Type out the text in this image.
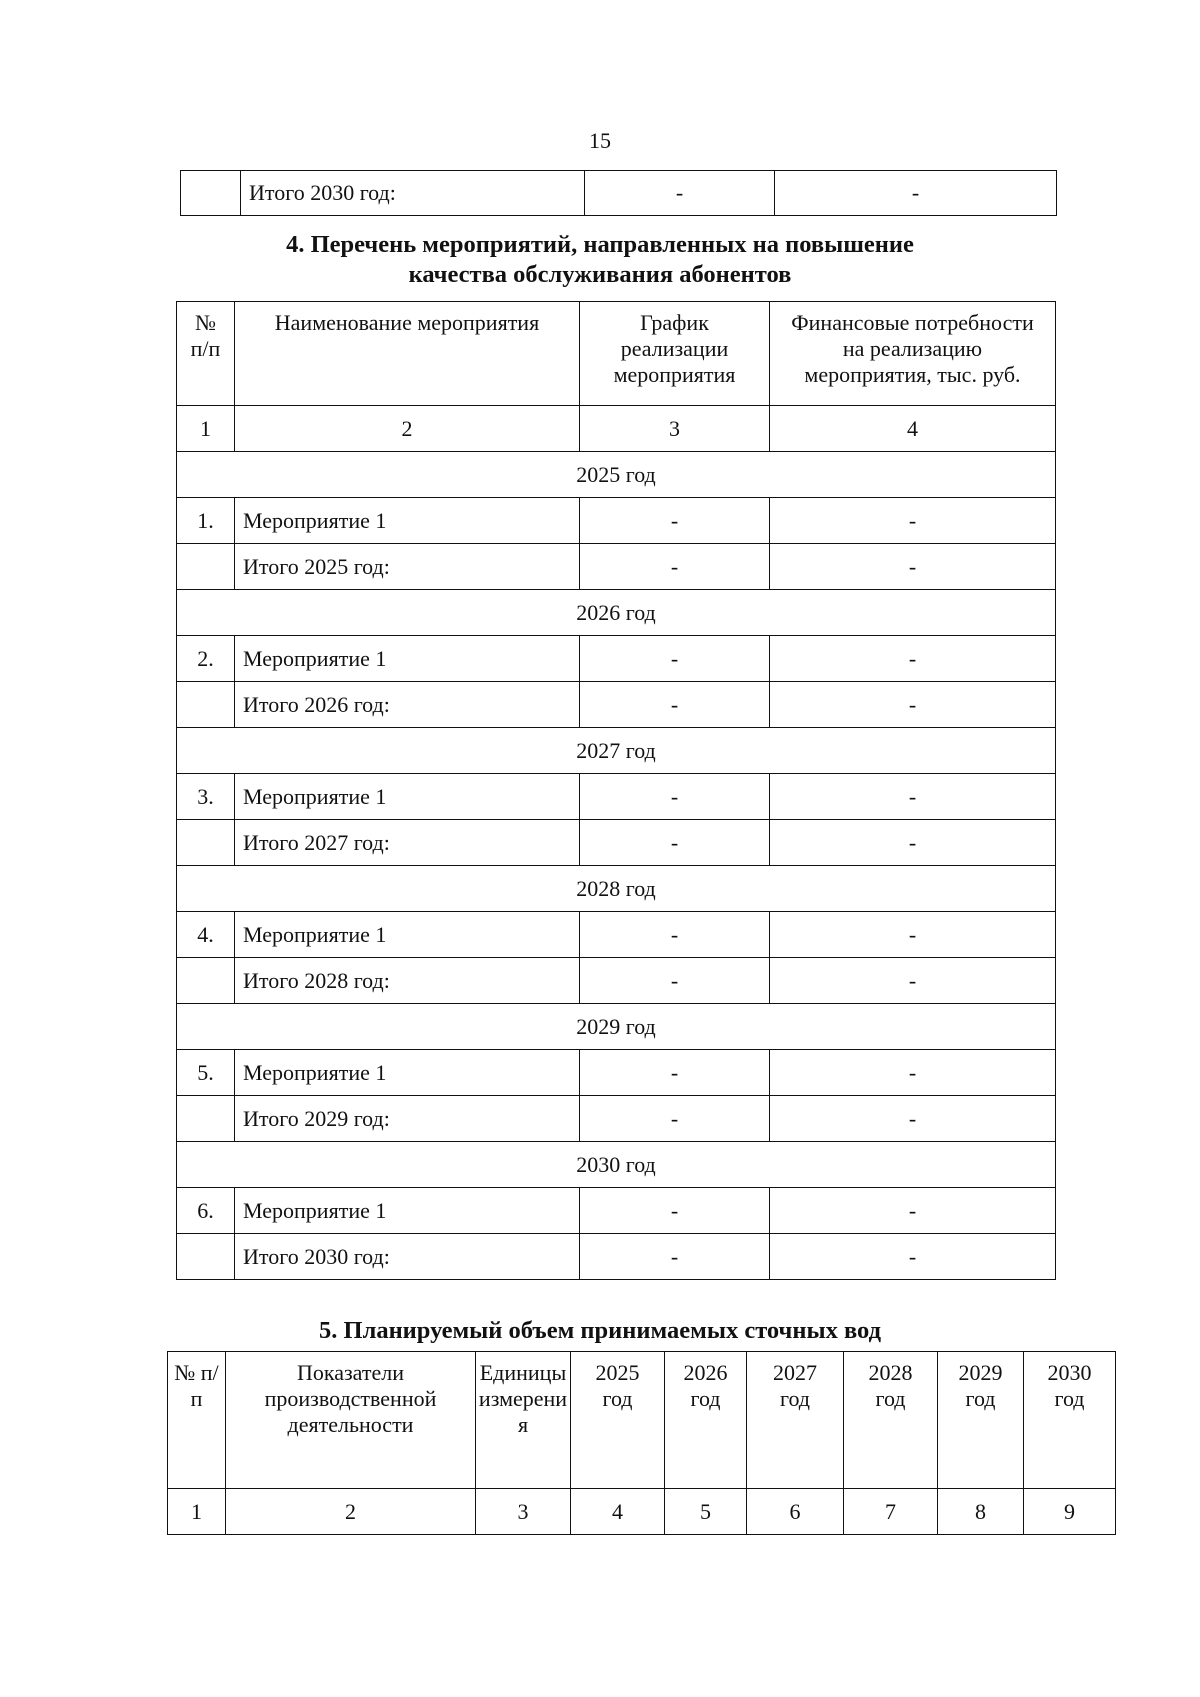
15
	Итого 2030 год:	-	-
4. Перечень мероприятий, направленных на повышение
качества обслуживания абонентов
№ п/п	Наименование мероприятия	График реализации мероприятия	Финансовые потребности на реализацию мероприятия, тыс. руб.
1	2	3	4
2025 год			
1.	Мероприятие 1	-	-
	Итого 2025 год:	-	-
2026 год			
2.	Мероприятие 1	-	-
	Итого 2026 год:	-	-
2027 год			
3.	Мероприятие 1	-	-
	Итого 2027 год:	-	-
2028 год			
4.	Мероприятие 1	-	-
	Итого 2028 год:	-	-
2029 год			
5.	Мероприятие 1	-	-
	Итого 2029 год:	-	-
2030 год			
6.	Мероприятие 1	-	-
	Итого 2030 год:	-	-
5. Планируемый объем принимаемых сточных вод
№ п/п	Показатели производственной деятельности	Единицы измерения	2025 год	2026 год	2027 год	2028 год	2029 год	2030 год
1	2	3	4	5	6	7	8	9
